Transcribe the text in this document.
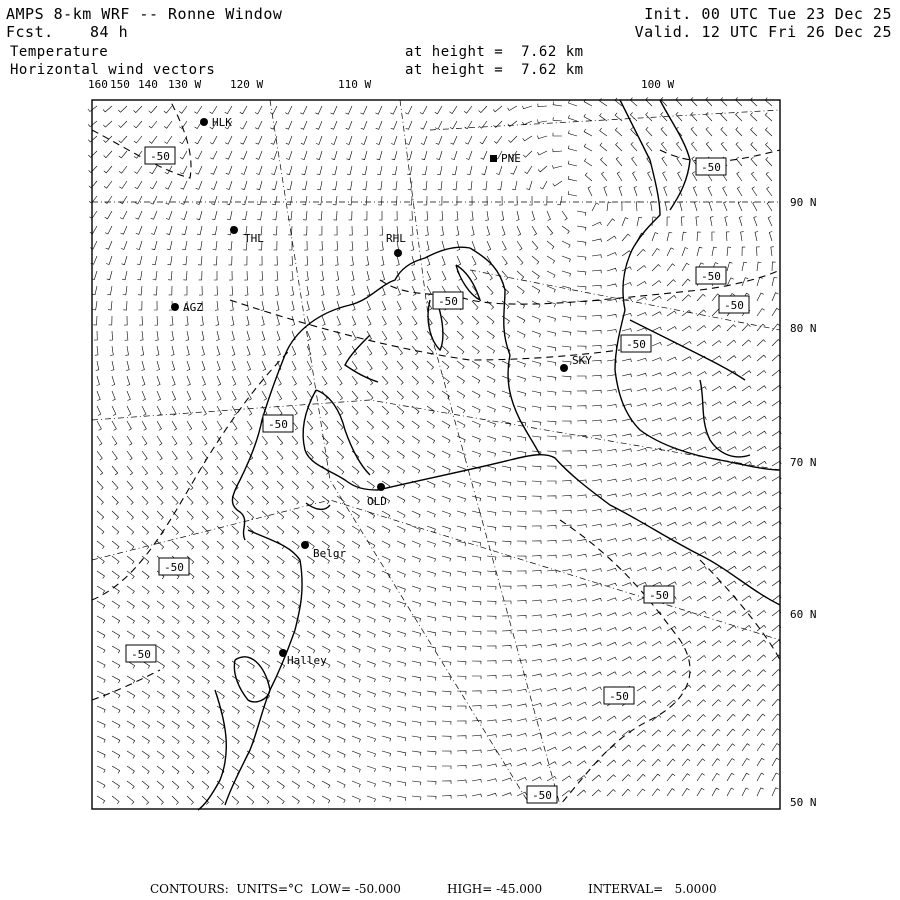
AMPS 8-km WRF -- Ronne Window	Init. 00 UTC Tue 23 Dec 25
Fcst. 84 h	Valid. 12 UTC Fri 26 Dec 25
Temperature
Horizontal wind vectors
at height =  7.62 km
at height =  7.62 km
160 150 140 130 W	120 W	110 W	100 W
90 N
80 N
70 N
60 N
50 N
HLK
PNE
THL	RHL
AGZ
SKY
OLD
Belgr
Halley
-50
-50
-50
-50
-50
-50
-50
-50
-50
-50
-50
-50
CONTOURS:  UNITS=°C  LOW= -50.000	HIGH= -45.000	INTERVAL=   5.0000
